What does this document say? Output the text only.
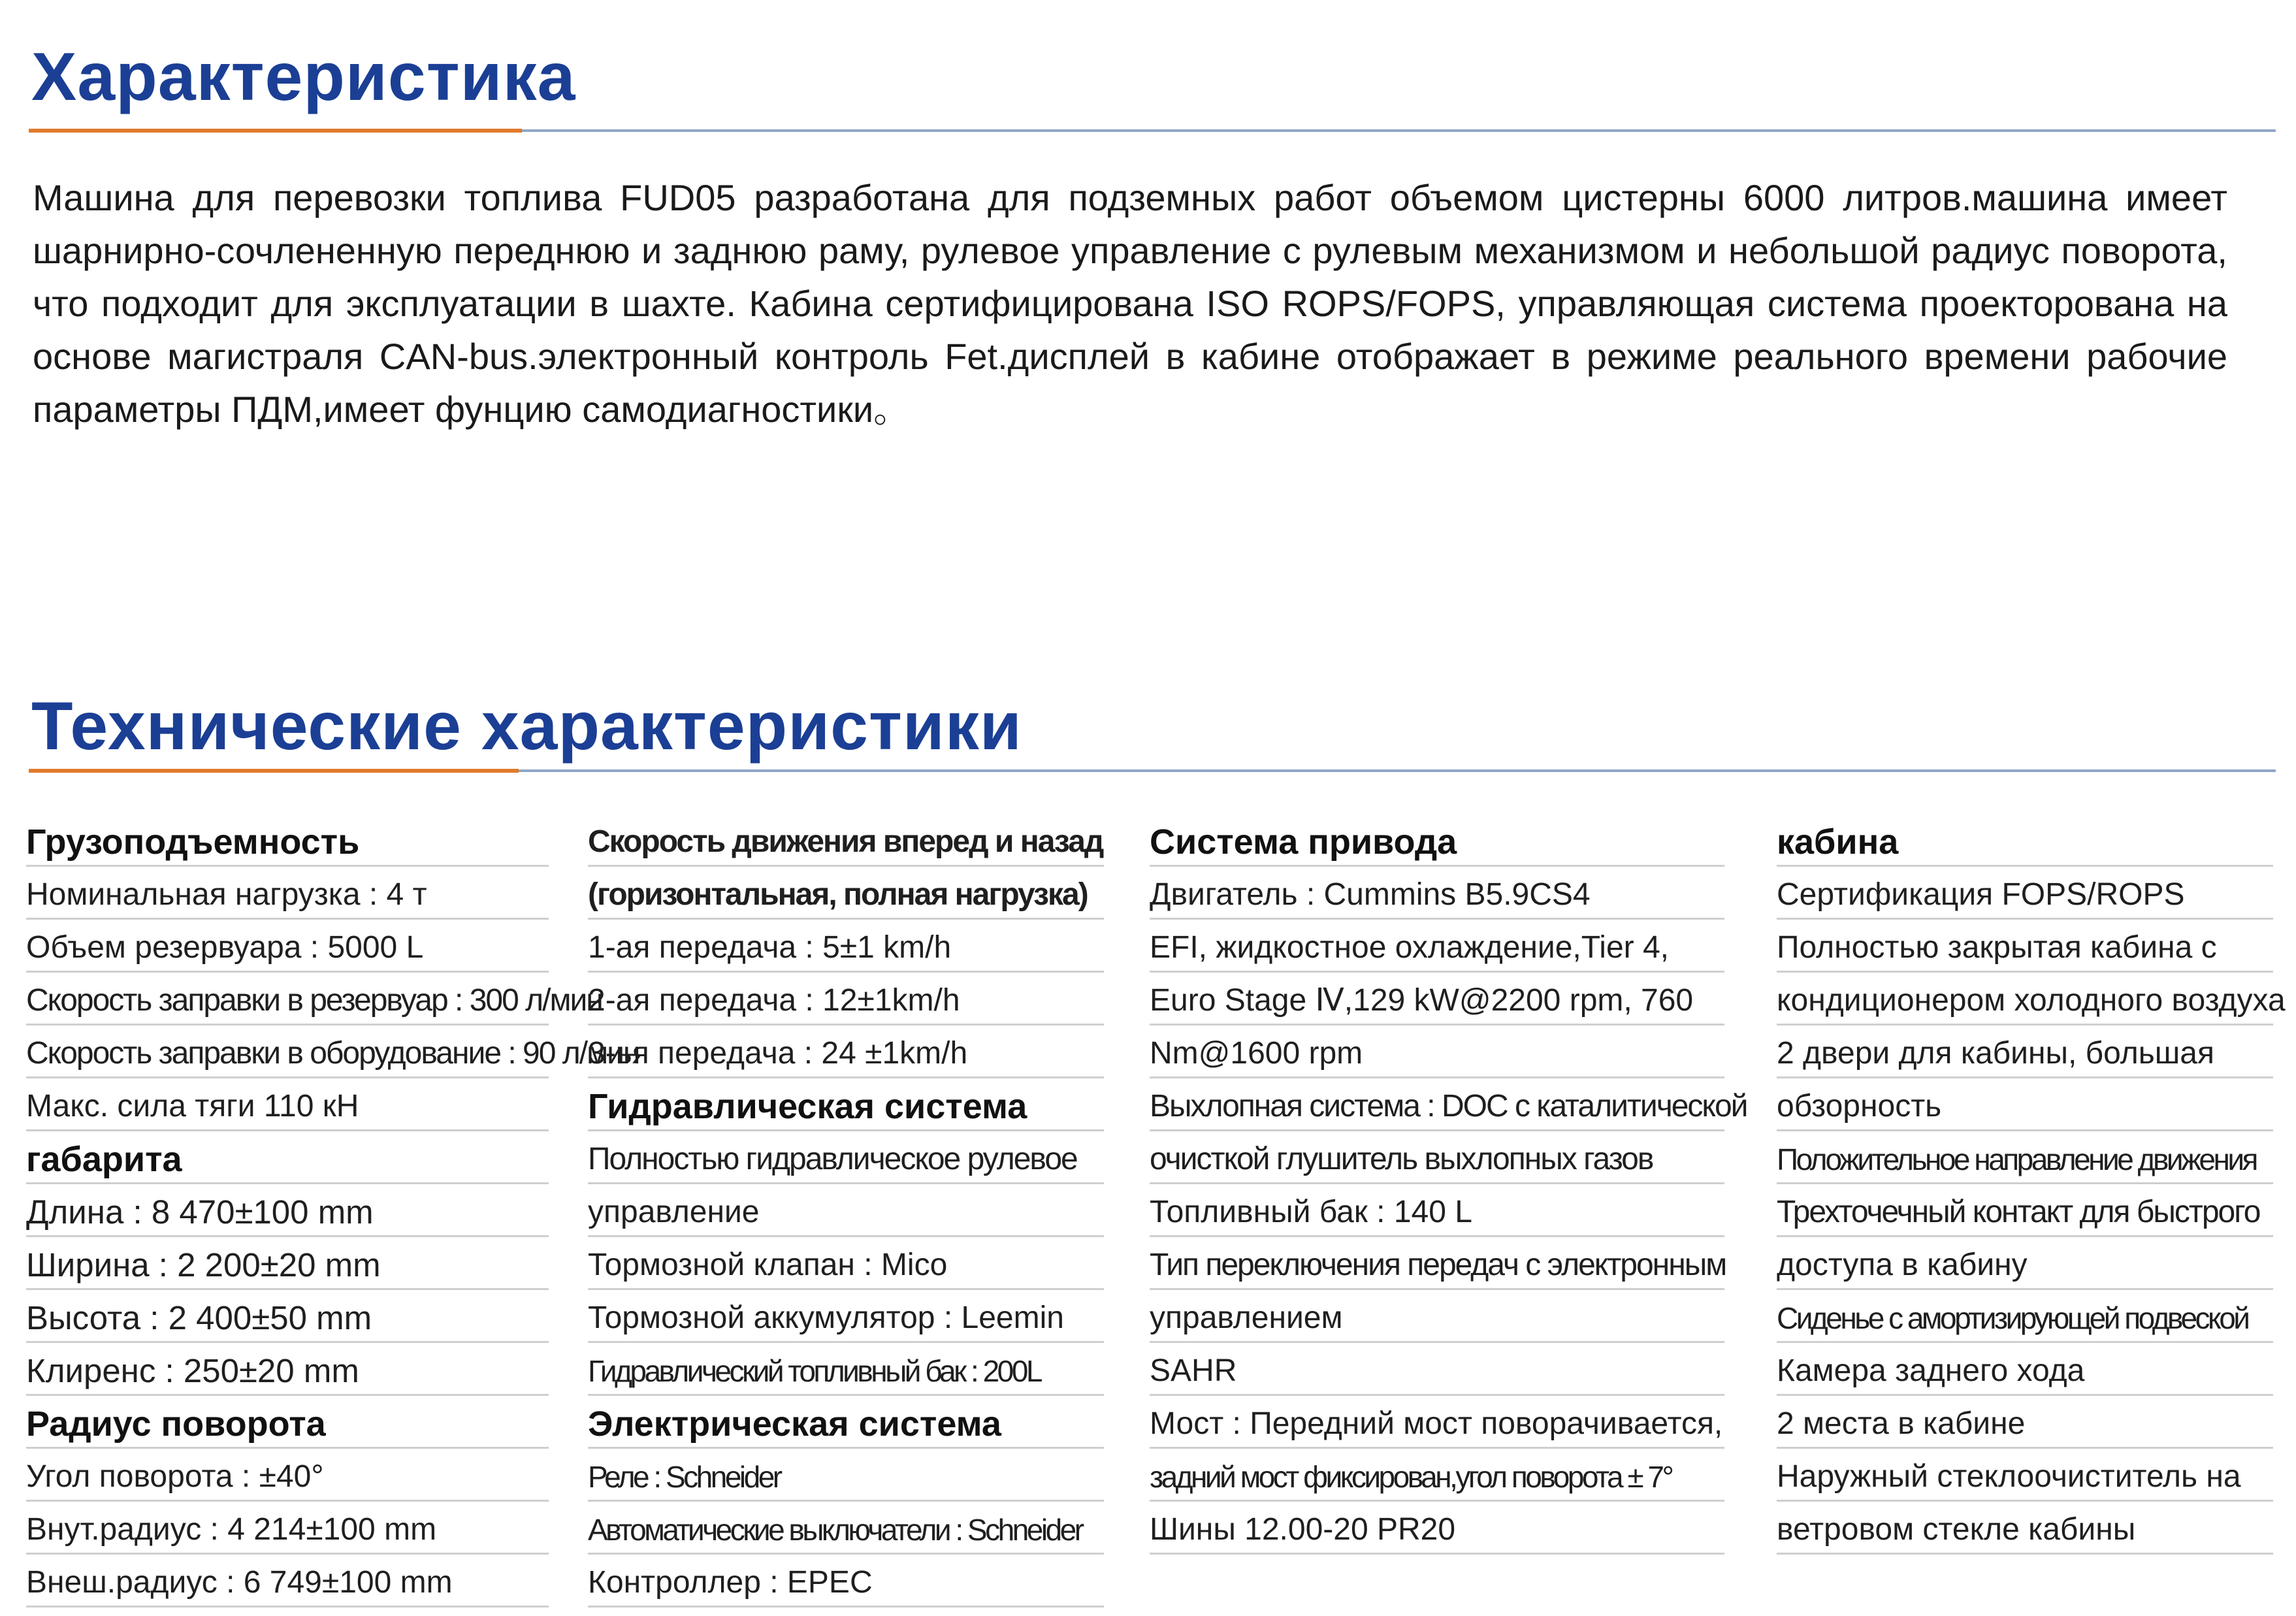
Характеристика

Машина для перевозки топлива FUD05 разработана для подземных работ объемом цистерны 6000 литров.машина имеет шарнирно-сочлененную переднюю и заднюю раму, рулевое управление с рулевым механизмом и небольшой радиус поворота, что подходит для эксплуатации в шахте. Кабина сертифицирована ISO ROPS/FOPS, управляющая система проекторована на основе магистраля CAN-bus.электронный контроль Fet.дисплей в кабине отображает в режиме реального времени рабочие параметры ПДМ,имеет фунцию самодиагностики。

Технические характеристики
Грузоподъемность
Номинальная нагрузка : 4 т
Объем резервуара : 5000 L
Скорость заправки в резервуар : 300 л/мин
Скорость заправки в оборудование : 90 л/мин
Макс. сила тяги 110 кН
габарита
Длина : 8 470±100 mm
Ширина : 2 200±20 mm
Высота : 2 400±50 mm
Клиренс : 250±20 mm
Радиус поворота
Угол поворота : ±40°
Внут.радиус : 4 214±100 mm
Внеш.радиус : 6 749±100 mm
Скорость движения вперед и назад
(горизонтальная, полная нагрузка)
1-ая передача : 5±1 km/h
2-ая передача : 12±1km/h
3-ья передача : 24 ±1km/h
Гидравлическая система
Полностью гидравлическое рулевое
управление
Тормозной клапан : Mico
Тормозной аккумулятор : Leemin
Гидравлический топливный бак : 200L
Электрическая система
Реле : Schneider
Автоматические выключатели : Schneider
Контроллер : EPEC
Система привода
Двигатель : Cummins B5.9CS4
EFI, жидкостное охлаждение,Tier 4,
Euro Stage Ⅳ,129 kW@2200 rpm, 760
Nm@1600 rpm
Выхлопная система : DOC с каталитической
очисткой глушитель выхлопных газов
Топливный бак : 140 L
Тип переключения передач с электронным
управлением
SAHR
Мост : Передний мост поворачивается,
задний мост фиксирован,угол поворота ± 7°
Шины 12.00-20 PR20
кабина
Сертификация FOPS/ROPS
Полностью закрытая кабина с
кондиционером холодного воздуха
2 двери для кабины, большая
обзорность
Положительное направление движения
Трехточечный контакт для быстрого
доступа в кабину
Сиденье с амортизирующей подвеской
Камера заднего хода
2 места в кабине
Наружный стеклоочиститель на
ветровом стекле кабины
